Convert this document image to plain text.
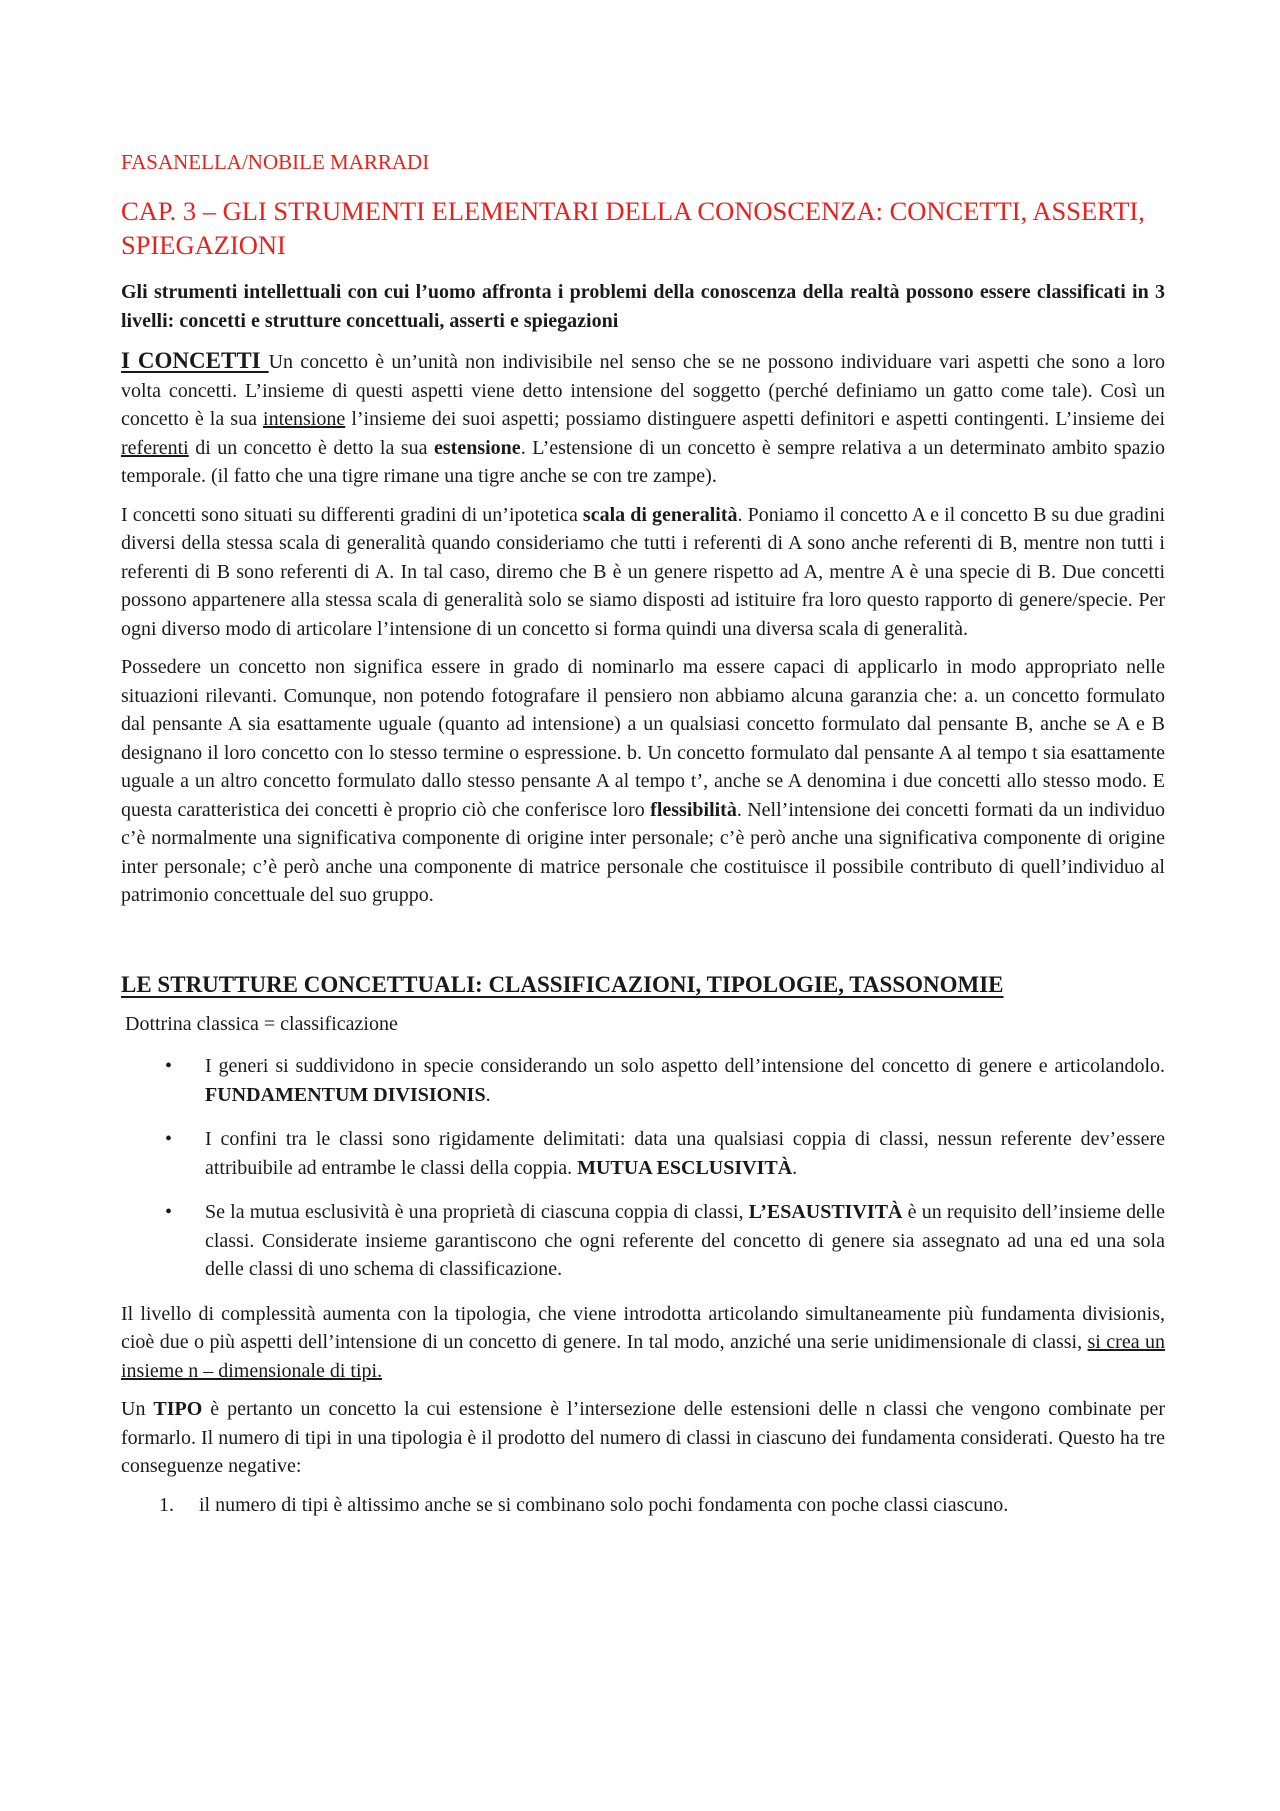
FASANELLA/NOBILE MARRADI
CAP. 3 – GLI STRUMENTI ELEMENTARI DELLA CONOSCENZA: CONCETTI, ASSERTI, SPIEGAZIONI

Gli strumenti intellettuali con cui l’uomo affronta i problemi della conoscenza della realtà possono essere classificati in 3 livelli: concetti e strutture concettuali, asserti e spiegazioni

I CONCETTI Un concetto è un’unità non indivisibile nel senso che se ne possono individuare vari aspetti che sono a loro volta concetti. L’insieme di questi aspetti viene detto intensione del soggetto (perché definiamo un gatto come tale). Così un concetto è la sua intensione l’insieme dei suoi aspetti; possiamo distinguere aspetti definitori e aspetti contingenti. L’insieme dei referenti di un concetto è detto la sua estensione. L’estensione di un concetto è sempre relativa a un determinato ambito spazio temporale. (il fatto che una tigre rimane una tigre anche se con tre zampe).

I concetti sono situati su differenti gradini di un’ipotetica scala di generalità. Poniamo il concetto A e il concetto B su due gradini diversi della stessa scala di generalità quando consideriamo che tutti i referenti di A sono anche referenti di B, mentre non tutti i referenti di B sono referenti di A. In tal caso, diremo che B è un genere rispetto ad A, mentre A è una specie di B. Due concetti possono appartenere alla stessa scala di generalità solo se siamo disposti ad istituire fra loro questo rapporto di genere/specie. Per ogni diverso modo di articolare l’intensione di un concetto si forma quindi una diversa scala di generalità.

Possedere un concetto non significa essere in grado di nominarlo ma essere capaci di applicarlo in modo appropriato nelle situazioni rilevanti. Comunque, non potendo fotografare il pensiero non abbiamo alcuna garanzia che: a. un concetto formulato dal pensante A sia esattamente uguale (quanto ad intensione) a un qualsiasi concetto formulato dal pensante B, anche se A e B designano il loro concetto con lo stesso termine o espressione. b. Un concetto formulato dal pensante A al tempo t sia esattamente uguale a un altro concetto formulato dallo stesso pensante A al tempo t’, anche se A denomina i due concetti allo stesso modo. E questa caratteristica dei concetti è proprio ciò che conferisce loro flessibilità. Nell’intensione dei concetti formati da un individuo c’è normalmente una significativa componente di origine inter personale; c’è però anche una significativa componente di origine inter personale; c’è però anche una componente di matrice personale che costituisce il possibile contributo di quell’individuo al patrimonio concettuale del suo gruppo.

LE STRUTTURE CONCETTUALI: CLASSIFICAZIONI, TIPOLOGIE, TASSONOMIE

Dottrina classica = classificazione

• I generi si suddividono in specie considerando un solo aspetto dell’intensione del concetto di genere e articolandolo. FUNDAMENTUM DIVISIONIS.
• I confini tra le classi sono rigidamente delimitati: data una qualsiasi coppia di classi, nessun referente dev’essere attribuibile ad entrambe le classi della coppia. MUTUA ESCLUSIVITÀ.
• Se la mutua esclusività è una proprietà di ciascuna coppia di classi, L’ESAUSTIVITÀ è un requisito dell’insieme delle classi. Considerate insieme garantiscono che ogni referente del concetto di genere sia assegnato ad una ed una sola delle classi di uno schema di classificazione.

Il livello di complessità aumenta con la tipologia, che viene introdotta articolando simultaneamente più fundamenta divisionis, cioè due o più aspetti dell’intensione di un concetto di genere. In tal modo, anziché una serie unidimensionale di classi, si crea un insieme n – dimensionale di tipi.

Un TIPO è pertanto un concetto la cui estensione è l’intersezione delle estensioni delle n classi che vengono combinate per formarlo. Il numero di tipi in una tipologia è il prodotto del numero di classi in ciascuno dei fundamenta considerati. Questo ha tre conseguenze negative:

1. il numero di tipi è altissimo anche se si combinano solo pochi fondamenta con poche classi ciascuno.
